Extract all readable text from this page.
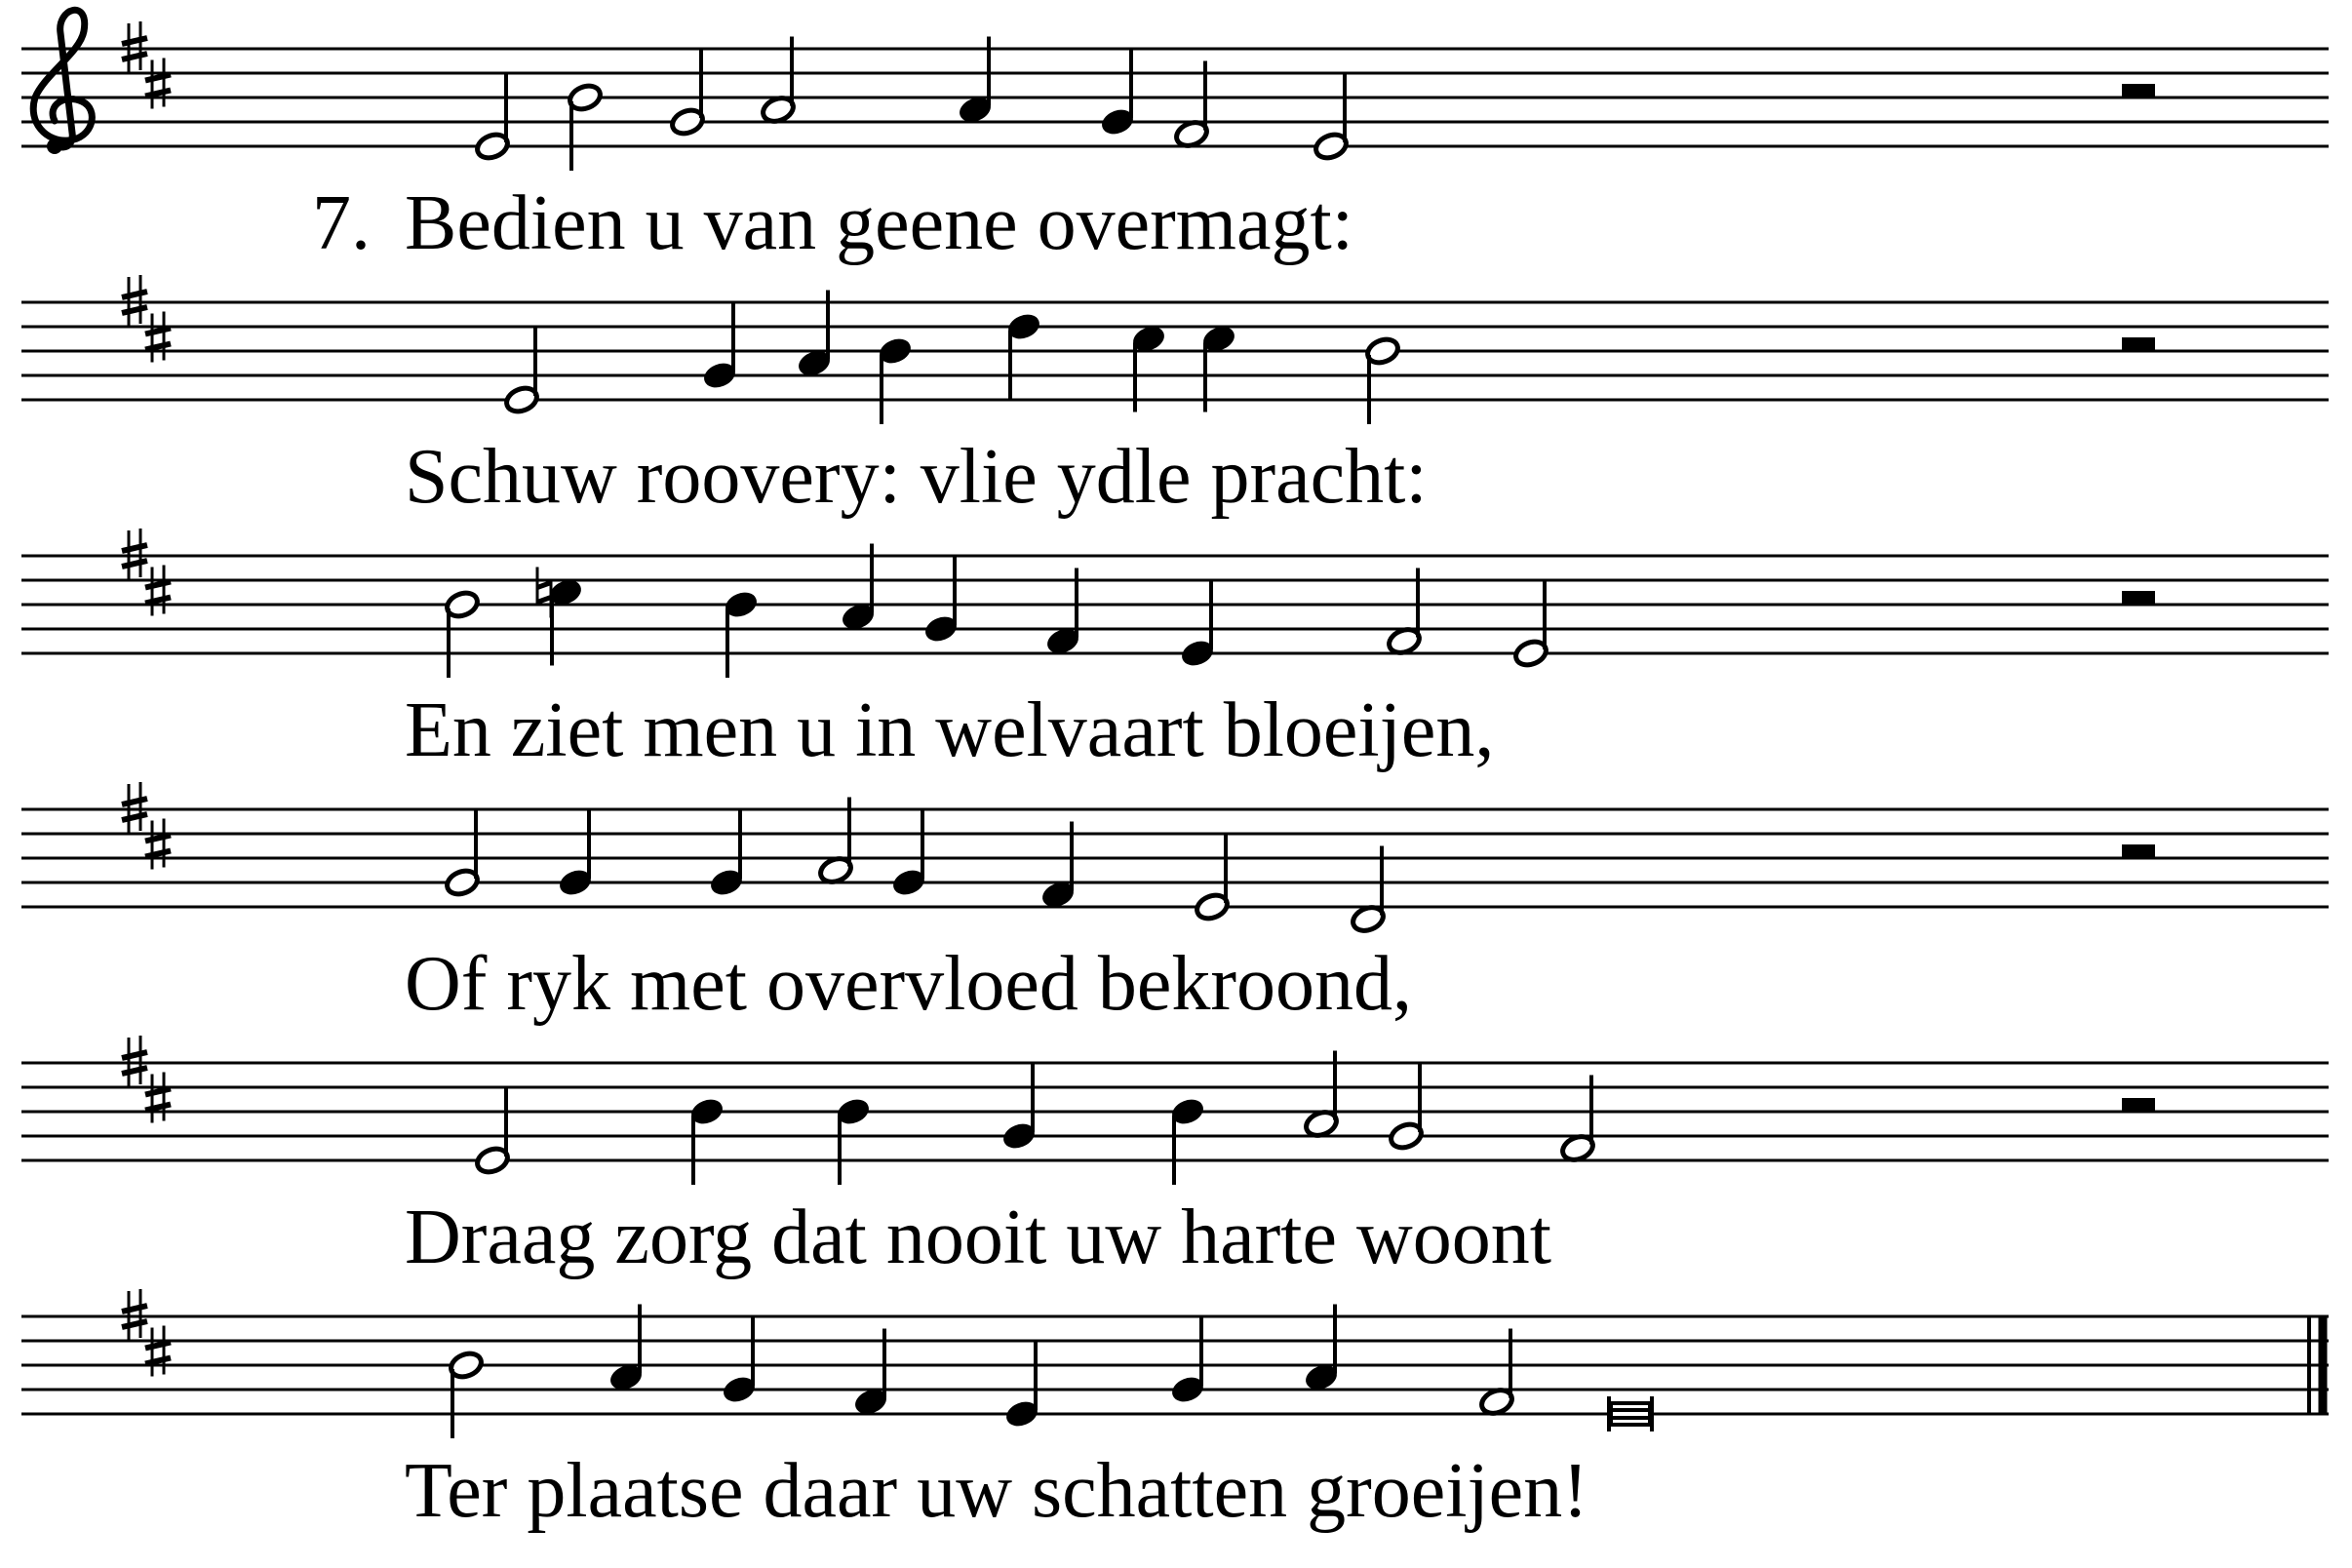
7. Bedien u van geene overmagt:
Schuw roovery: vlie ydle pracht:
En ziet men u in welvaart bloeijen,
Of ryk met overvloed bekroond,
Draag zorg dat nooit uw harte woont
Ter plaatse daar uw schatten groeijen!
